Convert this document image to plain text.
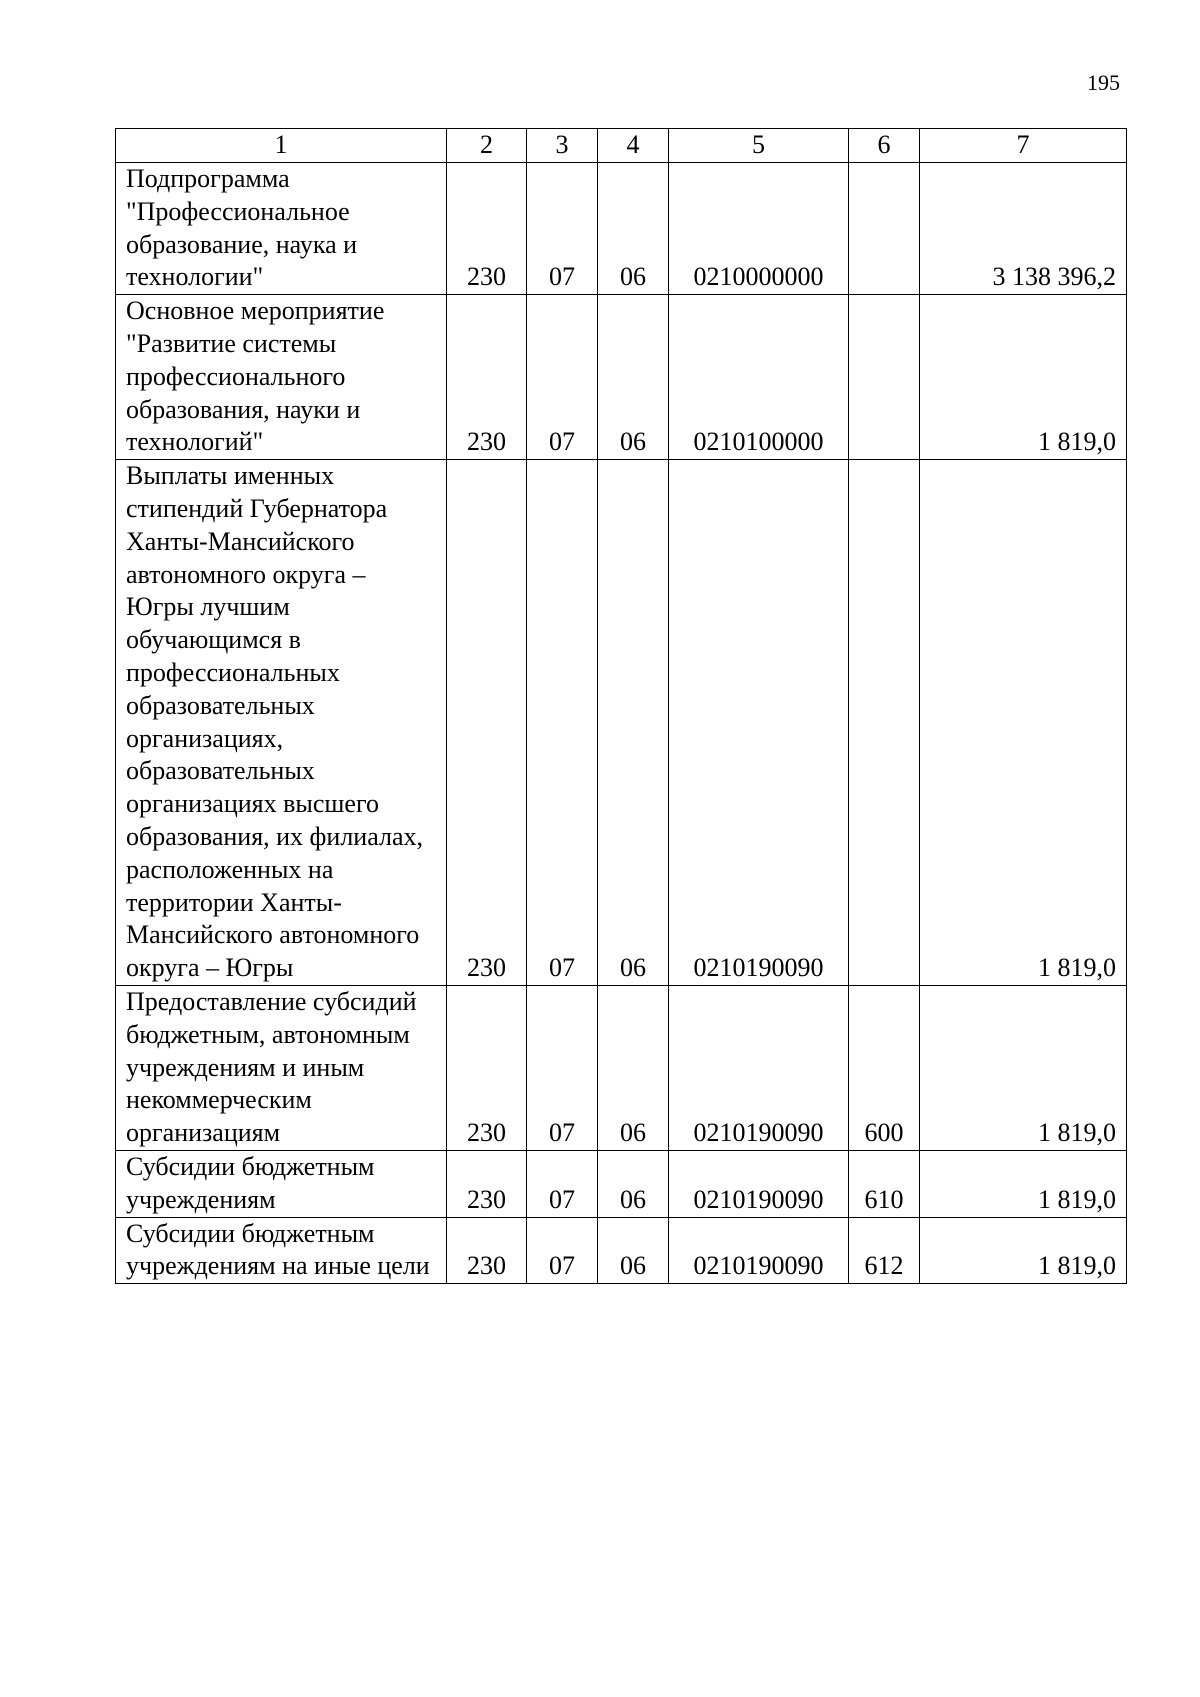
195
1	2	3	4	5	6	7
Подпрограмма "Профессиональное образование, наука и технологии"	230	07	06	0210000000		3 138 396,2
Основное мероприятие "Развитие системы профессионального образования, науки и технологий"	230	07	06	0210100000		1 819,0
Выплаты именных стипендий Губернатора Ханты-Мансийского автономного округа – Югры лучшим обучающимся в профессиональных образовательных организациях, образовательных организациях высшего образования, их филиалах, расположенных на территории Ханты-Мансийского автономного округа – Югры	230	07	06	0210190090		1 819,0
Предоставление субсидий бюджетным, автономным учреждениям и иным некоммерческим организациям	230	07	06	0210190090	600	1 819,0
Субсидии бюджетным учреждениям	230	07	06	0210190090	610	1 819,0
Субсидии бюджетным учреждениям на иные цели	230	07	06	0210190090	612	1 819,0
